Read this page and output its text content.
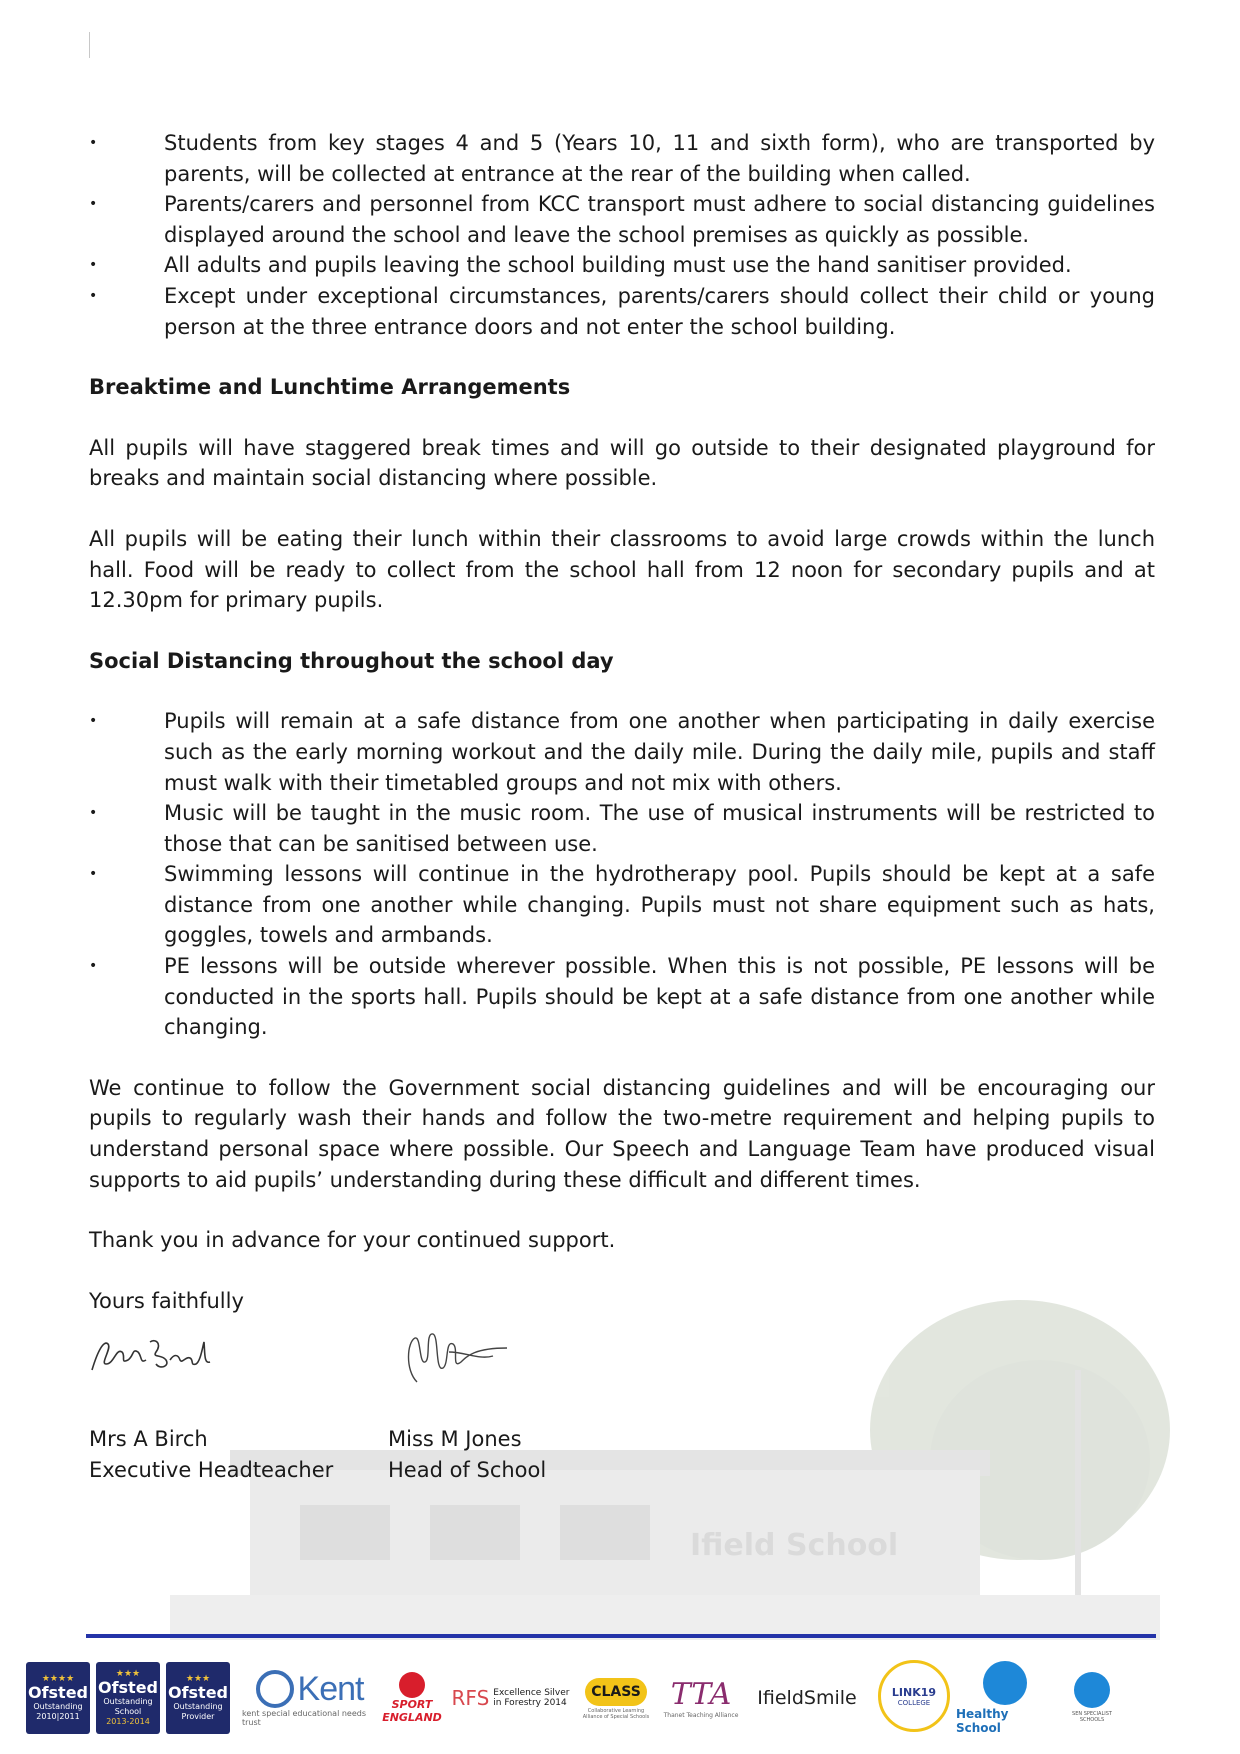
Ifield School
•	Students from key stages 4 and 5 (Years 10, 11 and sixth form), who are transported by parents, will be collected at entrance at the rear of the building when called.
•	Parents/carers and personnel from KCC transport must adhere to social distancing guidelines displayed around the school and leave the school premises as quickly as possible.
•	All adults and pupils leaving the school building must use the hand sanitiser provided.
•	Except under exceptional circumstances, parents/carers should collect their child or young person at the three entrance doors and not enter the school building.
Breaktime and Lunchtime Arrangements

All pupils will have staggered break times and will go outside to their designated playground for breaks and maintain social distancing where possible.

All pupils will be eating their lunch within their classrooms to avoid large crowds within the lunch hall. Food will be ready to collect from the school hall from 12 noon for secondary pupils and at 12.30pm for primary pupils.

Social Distancing throughout the school day
•	Pupils will remain at a safe distance from one another when participating in daily exercise such as the early morning workout and the daily mile. During the daily mile, pupils and staff must walk with their timetabled groups and not mix with others.
•	Music will be taught in the music room. The use of musical instruments will be restricted to those that can be sanitised between use.
•	Swimming lessons will continue in the hydrotherapy pool. Pupils should be kept at a safe distance from one another while changing. Pupils must not share equipment such as hats, goggles, towels and armbands.
•	PE lessons will be outside wherever possible. When this is not possible, PE lessons will be conducted in the sports hall. Pupils should be kept at a safe distance from one another while changing.

We continue to follow the Government social distancing guidelines and will be encouraging our pupils to regularly wash their hands and follow the two-metre requirement and helping pupils to understand personal space where possible. Our Speech and Language Team have produced visual supports to aid pupils’ understanding during these difficult and different times.

Thank you in advance for your continued support.

Yours faithfully

Mrs A Birch
Executive Headteacher
Miss M Jones
Head of School
★★★★
Ofsted
Outstanding
2010|2011
★★★
Ofsted
Outstanding
School
2013-2014
★★★
Ofsted
Outstanding
Provider
Kent
kent special educational needs trust
SPORT
ENGLAND
RFS Excellence Silver
in Forestry 2014
CLASS
Collaborative Learning Alliance of Special Schools
TTA
Thanet Teaching Alliance
IfieldSmile	LINK19
COLLEGE
Healthy School
SEN SPECIALIST
SCHOOLS
